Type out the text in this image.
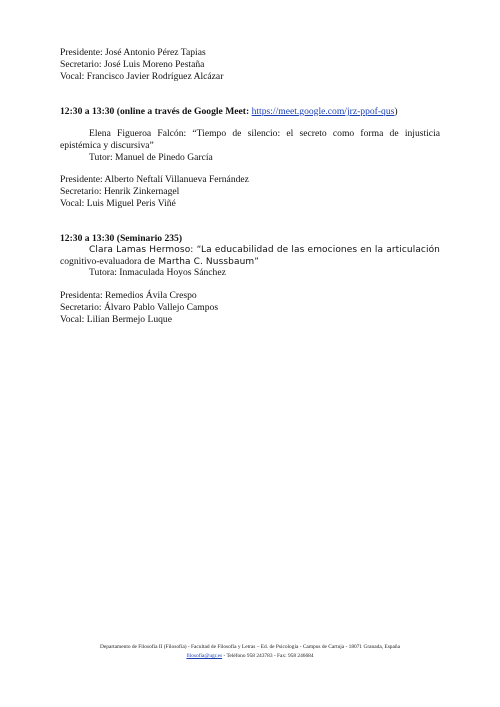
Presidente: José Antonio Pérez Tapias
Secretario: José Luis Moreno Pestaña
Vocal: Francisco Javier Rodríguez Alcázar
12:30 a 13:30 (online a través de Google Meet: https://meet.google.com/jrz-ppof-qus)
Elena Figueroa Falcón: “Tiempo de silencio: el secreto como forma de injusticia
epistémica y discursiva”
Tutor: Manuel de Pinedo García
Presidente: Alberto Neftalí Villanueva Fernández
Secretario: Henrik Zinkernagel
Vocal: Luis Miguel Peris Viñé
12:30 a 13:30 (Seminario 235)
Clara Lamas Hermoso: “La educabilidad de las emociones en la articulación
cognitivo-evaluadora de Martha C. Nussbaum”
Tutora: Inmaculada Hoyos Sánchez
Presidenta: Remedios Ávila Crespo
Secretario: Álvaro Pablo Vallejo Campos
Vocal: Lilian Bermejo Luque
Departamento de Filosofía II (Filosofía) - Facultad de Filosofía y Letras – Ed. de Psicología - Campus de Cartuja - 18071 Granada, España
filosofia@ugr.es - Teléfono 958 243783 - Fax: 958 246684
